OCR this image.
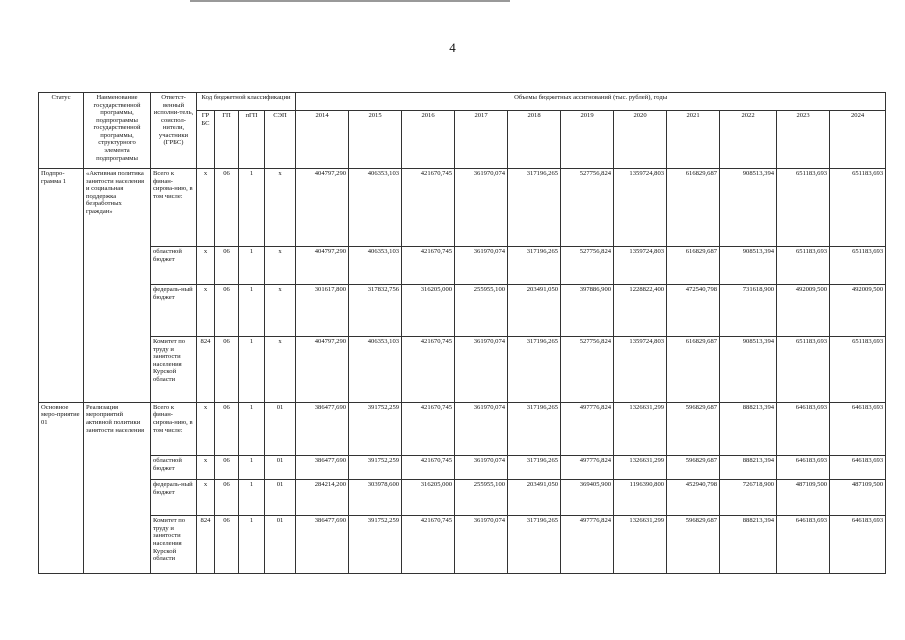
4
Статус	Наименование государственной программы, подпрограммы государственной программы, структурного элемента подпрограммы	Ответст-венный исполни-тель, соиспол-нители, участники (ГРБС)	Код бюджетной классификации				Объемы бюджетных ассигнований (тыс. рублей), годы										
			ГР БС	ГП	пГП	СЭП	2014	2015	2016	2017	2018	2019	2020	2021	2022	2023	2024
Подпро-грамма 1	«Активная политика занятости населения и социальная поддержка безработных граждан»	Всего к финан-сирова-нию, в том числе:	х	06	1	х	404797,290	406353,103	421670,745	361970,074	317196,265	527756,824	1359724,803	616829,687	908513,394	651183,693	651183,693
		областной бюджет	х	06	1	х	404797,290	406353,103	421670,745	361970,074	317196,265	527756,824	1359724,803	616829,687	908513,394	651183,693	651183,693
		федераль-ный бюджет	х	06	1	х	301617,800	317832,756	316205,000	255955,100	203491,050	397886,900	1228822,400	472540,798	731618,900	492009,500	492009,500
		Комитет по труду и занятости населения Курской области	824	06	1	х	404797,290	406353,103	421670,745	361970,074	317196,265	527756,824	1359724,803	616829,687	908513,394	651183,693	651183,693
Основное меро-приятие 01	Реализация мероприятий активной политики занятости населения	Всего к финан-сирова-нию, в том числе:	х	06	1	01	386477,690	391752,259	421670,745	361970,074	317196,265	497776,824	1326631,299	596829,687	888213,394	646183,693	646183,693
		областной бюджет	х	06	1	01	386477,690	391752,259	421670,745	361970,074	317196,265	497776,824	1326631,299	596829,687	888213,394	646183,693	646183,693
		федераль-ный бюджет	х	06	1	01	284214,200	303978,600	316205,000	255955,100	203491,050	369405,900	1196390,800	452940,798	726718,900	487109,500	487109,500
		Комитет по труду и занятости населения Курской области	824	06	1	01	386477,690	391752,259	421670,745	361970,074	317196,265	497776,824	1326631,299	596829,687	888213,394	646183,693	646183,693
